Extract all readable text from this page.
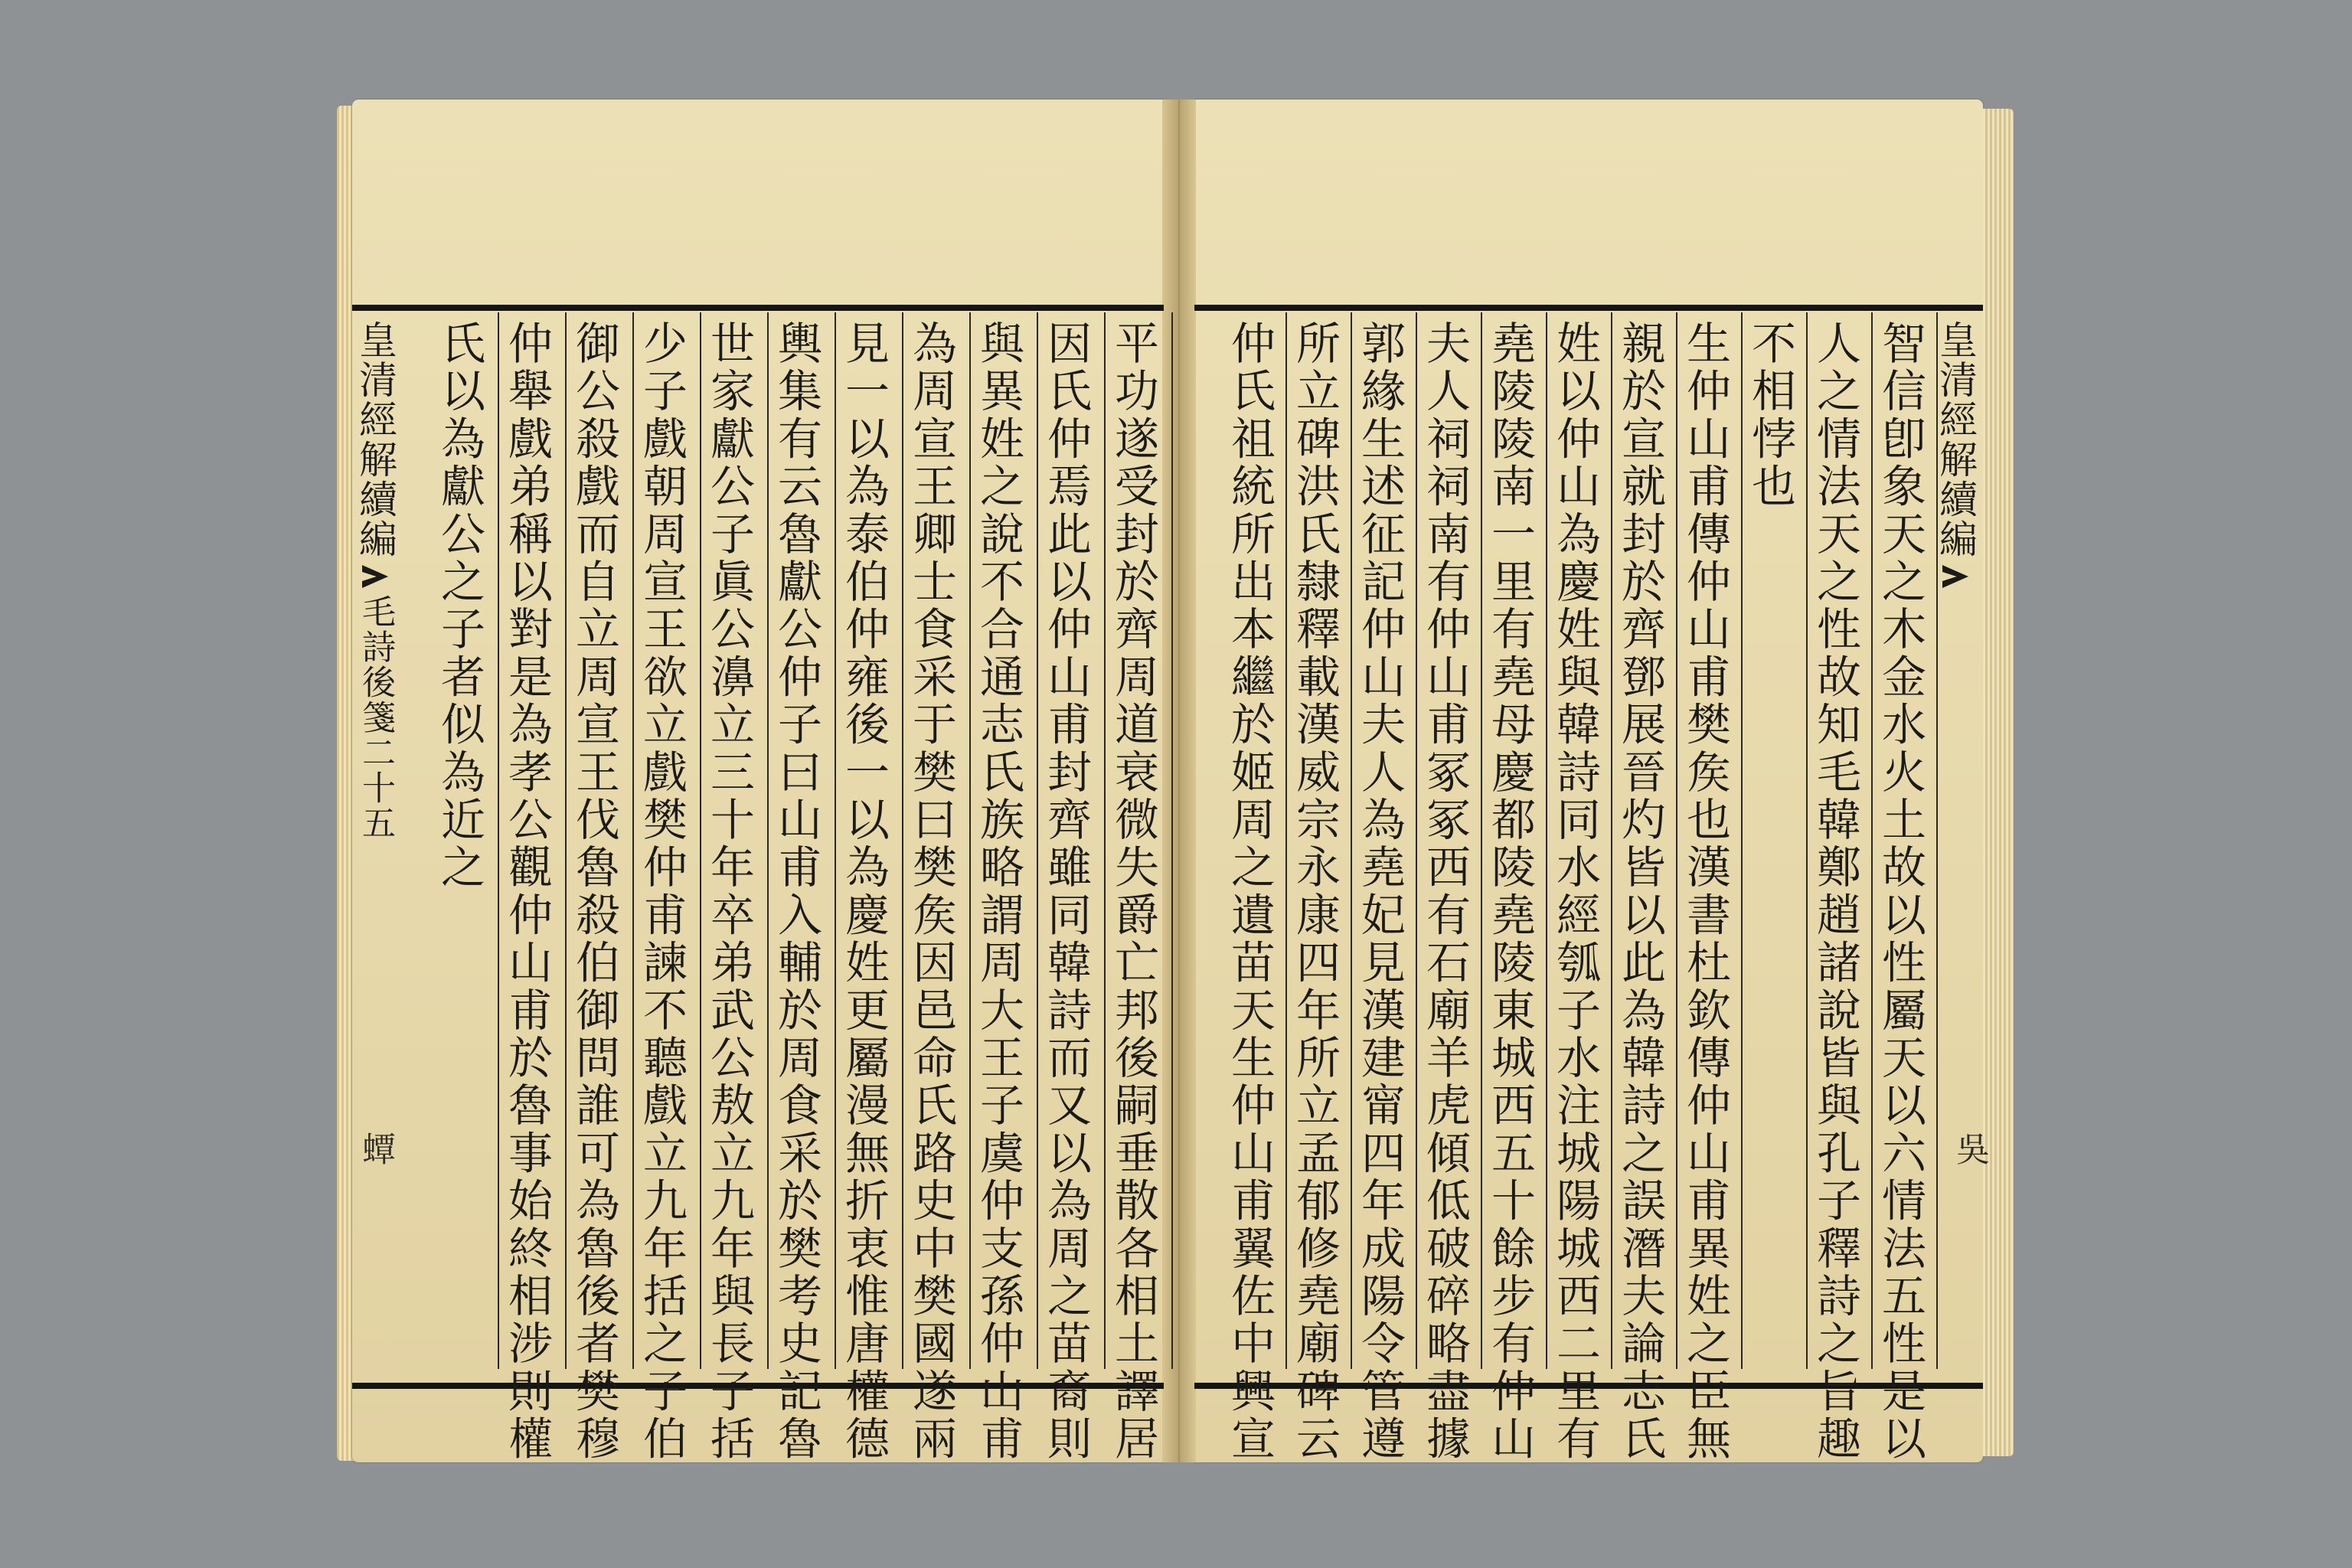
平功遂受封於齊周道衰微失爵亡邦後嗣垂散各相土譯居
因氏仲焉此以仲山甫封齊雖同韓詩而又以為周之苗裔則
與異姓之說不合通志氏族略謂周大王子虞仲支孫仲山甫
為周宣王卿士食采于樊曰樊矦因邑命氏路史中樊國遂兩
見一以為泰伯仲雍後一以為慶姓更屬漫無折衷惟唐權德
輿集有云魯獻公仲子曰山甫入輔於周食采於樊考史記魯
世家獻公子眞公濞立三十年卒弟武公敖立九年與長子括
少子戲朝周宣王欲立戲樊仲甫諫不聽戲立九年括之子伯
御公殺戲而自立周宣王伐魯殺伯御問誰可為魯後者樊穆
仲舉戲弟稱以對是為孝公觀仲山甫於魯事始終相涉則權
氏以為獻公之子者似為近之	智信卽象天之木金水火土故以性屬天以六情法五性是以
人之情法天之性故知毛韓鄭趙諸說皆與孔子釋詩之旨趣
不相悖也
生仲山甫傳仲山甫樊矦也漢書杜欽傳仲山甫異姓之臣無
親於宣就封於齊鄧展晉灼皆以此為韓詩之誤潛夫論志氏
姓以仲山為慶姓與韓詩同水經瓠子水注城陽城西二里有
堯陵陵南一里有堯母慶都陵堯陵東城西五十餘步有仲山
夫人祠祠南有仲山甫冢冢西有石廟羊虎傾低破碎略盡據
郭緣生述征記仲山夫人為堯妃見漢建甯四年成陽令管遵
所立碑洪氏隸釋載漢威宗永康四年所立孟郁修堯廟碑云
仲氏祖統所出本繼於姬周之遺苗天生仲山甫翼佐中興宣
皇清經解續編毛詩後箋二十五
蟫
皇清經解續編
吳
